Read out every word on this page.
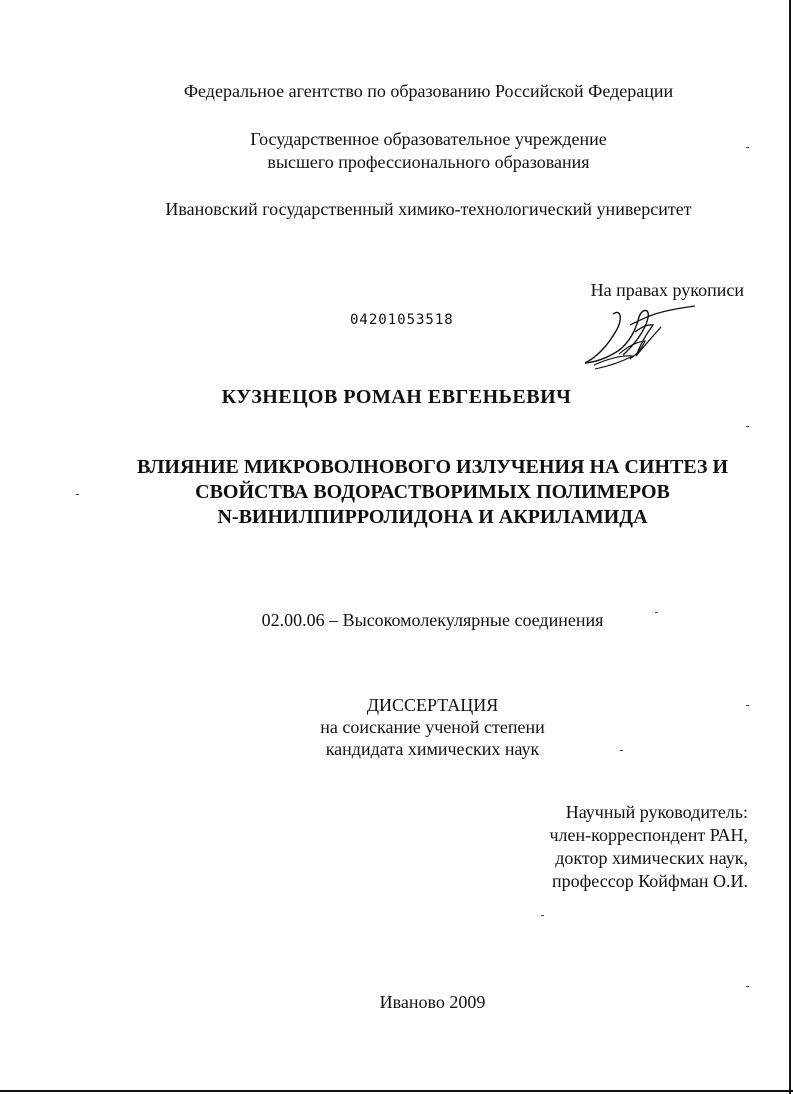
Федеральное агентство по образованию Российской Федерации
Государственное образовательное учреждение
высшего профессионального образования
Ивановский государственный химико-технологический университет
На правах рукописи
04201053518
КУЗНЕЦОВ РОМАН ЕВГЕНЬЕВИЧ
ВЛИЯНИЕ МИКРОВОЛНОВОГО ИЗЛУЧЕНИЯ НА СИНТЕЗ И
СВОЙСТВА ВОДОРАСТВОРИМЫХ ПОЛИМЕРОВ
N-ВИНИЛПИРРОЛИДОНА И АКРИЛАМИДА
02.00.06 – Высокомолекулярные соединения
ДИССЕРТАЦИЯ
на соискание ученой степени
кандидата химических наук
Научный руководитель:
член-корреспондент РАН,
доктор химических наук,
профессор Койфман О.И.
Иваново 2009
